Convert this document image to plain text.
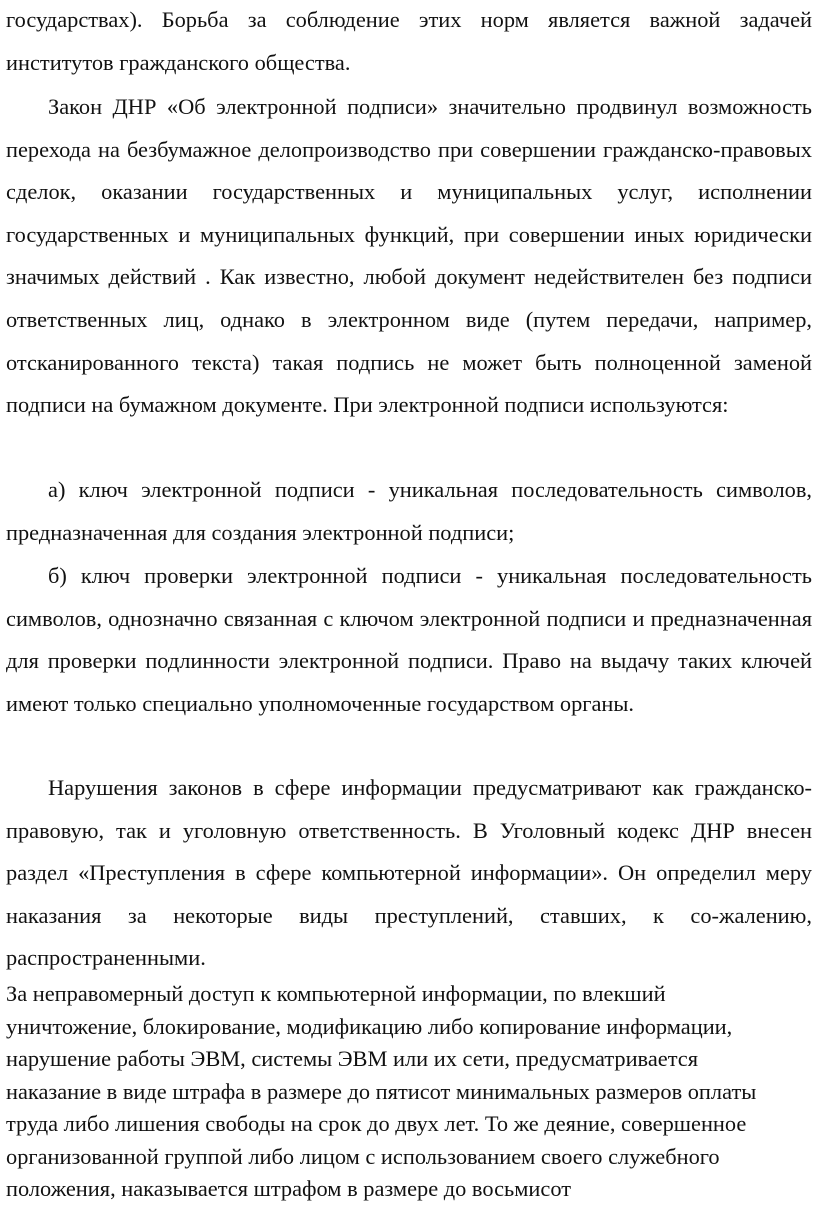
государствах). Борьба за соблюдение этих норм является важной задачей институтов гражданского общества.

Закон ДНР «Об электронной подписи» значительно продвинул возможность перехода на безбумажное делопроизводство при совершении гражданско-правовых сделок, оказании государственных и муниципальных услуг, исполнении государственных и муниципальных функций, при совершении иных юридически значимых действий . Как известно, любой документ недействителен без подписи ответственных лиц, однако в электронном виде (путем передачи, например, отсканированного текста) такая подпись не может быть полноценной заменой подписи на бумажном документе. При электронной подписи используются:

а) ключ электронной подписи - уникальная последовательность символов, предназначенная для создания электронной подписи;

б) ключ проверки электронной подписи - уникальная последовательность символов, однозначно связанная с ключом электронной подписи и предназначенная для проверки подлинности электронной подписи. Право на выдачу таких ключей имеют только специально уполномоченные государством органы.

Нарушения законов в сфере информации предусматривают как гражданско-правовую, так и уголовную ответственность. В Уголовный кодекс ДНР внесен раздел «Преступления в сфере компьютерной информации». Он определил меру наказания за некоторые виды преступлений, ставших, к со-жалению, распространенными.

За неправомерный доступ к компьютерной информации, по влекший уничтожение, блокирование, модификацию либо копирование информации, нарушение работы ЭВМ, системы ЭВМ или их сети, предусматривается наказание в виде штрафа в размере до пятисот минимальных размеров оплаты труда либо лишения свободы на срок до двух лет. То же деяние, совершенное организованной группой либо лицом с использованием своего служебного положения, наказывается штрафом в размере до восьмисот
